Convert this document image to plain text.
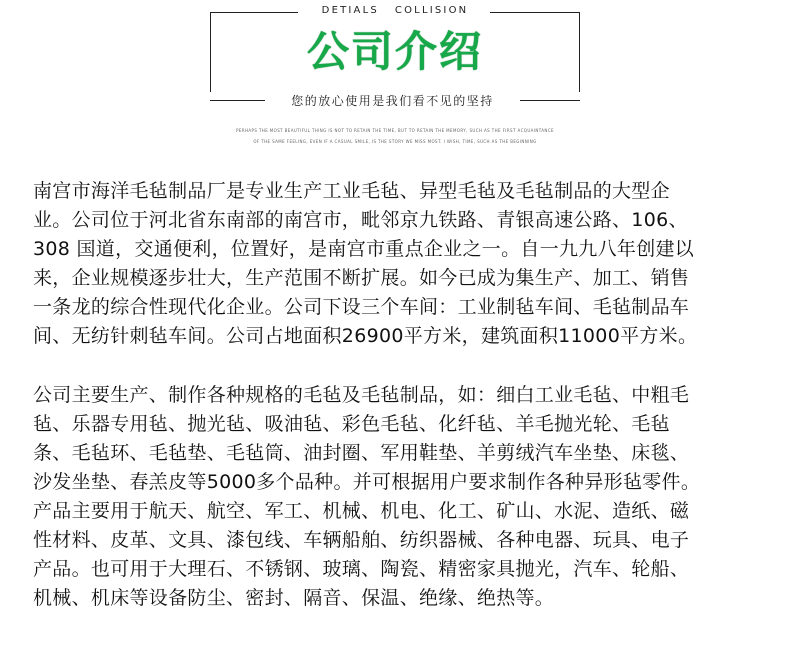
DETIALS COLLISION
公司介绍
您的放心使用是我们看不见的坚持
PERHAPS THE MOST BEAUTIFUL THING IS NOT TO RETAIN THE TIME, BUT TO RETAIN THE MEMORY, SUCH AS THE FIRST ACQUAINTANCE
OF THE SAME FEELING, EVEN IF A CASUAL SMILE, IS THE STORY WE MISS MOST. I WISH, TIME, SUCH AS THE BEGINNING
南宫市海洋毛毡制品厂是专业生产工业毛毡、异型毛毡及毛毡制品的大型企
业。公司位于河北省东南部的南宫市，毗邻京九铁路、青银高速公路、106、
308 国道，交通便利，位置好，是南宫市重点企业之一。自一九九八年创建以
来，企业规模逐步壮大，生产范围不断扩展。如今已成为集生产、加工、销售
一条龙的综合性现代化企业。公司下设三个车间：工业制毡车间、毛毡制品车
间、无纺针刺毡车间。公司占地面积26900平方米，建筑面积11000平方米。
公司主要生产、制作各种规格的毛毡及毛毡制品，如：细白工业毛毡、中粗毛
毡、乐器专用毡、抛光毡、吸油毡、彩色毛毡、化纤毡、羊毛抛光轮、毛毡
条、毛毡环、毛毡垫、毛毡筒、油封圈、军用鞋垫、羊剪绒汽车坐垫、床毯、
沙发坐垫、春羔皮等5000多个品种。并可根据用户要求制作各种异形毡零件。
产品主要用于航天、航空、军工、机械、机电、化工、矿山、水泥、造纸、磁
性材料、皮革、文具、漆包线、车辆船舶、纺织器械、各种电器、玩具、电子
产品。也可用于大理石、不锈钢、玻璃、陶瓷、精密家具抛光，汽车、轮船、
机械、机床等设备防尘、密封、隔音、保温、绝缘、绝热等。
